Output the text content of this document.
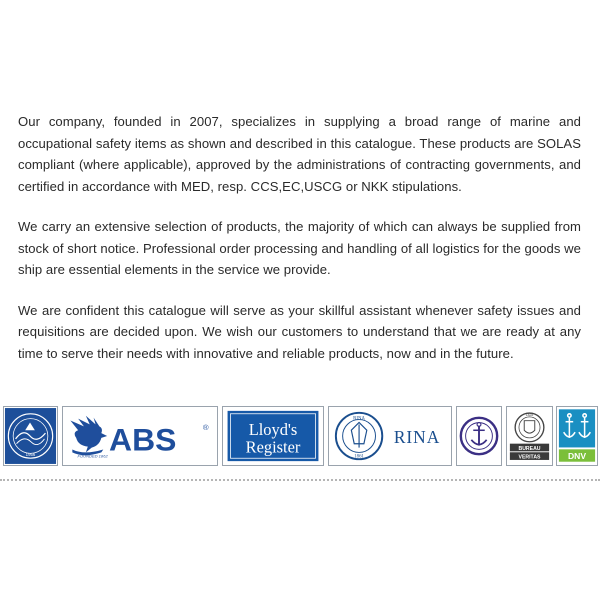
Our company, founded in 2007, specializes in supplying a broad range of marine and occupational safety items as shown and described in this catalogue. These products are SOLAS compliant (where applicable), approved by the administrations of contracting governments, and certified in accordance with MED, resp. CCS,EC,USCG or NKK stipulations.

We carry an extensive selection of products, the majority of which can always be supplied from stock of short notice. Professional order processing and handling of all logistics for the goods we ship are essential elements in the service we provide.

We are confident this catalogue will serve as your skillful assistant whenever safety issues and requisitions are decided upon. We wish our customers to understand that we are ready at any time to serve their needs with innovative and reliable products, now and in the future.

1956	FOUNDED 1862 ABS	® Lloyd's
Register
RINA
1861
RINA
1828
BUREAU
VERITAS	DNV
